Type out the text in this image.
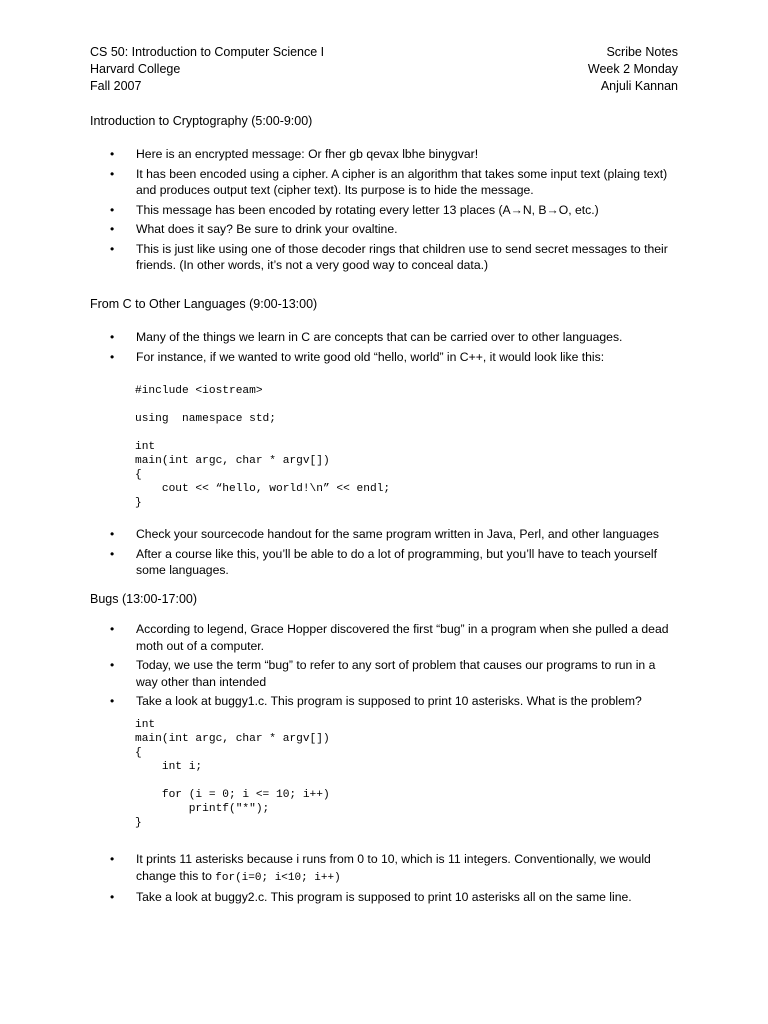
CS 50: Introduction to Computer Science I	Scribe Notes
Harvard College	Week 2 Monday
Fall 2007	Anjuli Kannan
Introduction to Cryptography (5:00-9:00)
• Here is an encrypted message: Or fher gb qevax lbhe binygvar!
• It has been encoded using a cipher. A cipher is an algorithm that takes some input text (plaing text) and produces output text (cipher text). Its purpose is to hide the message.
• This message has been encoded by rotating every letter 13 places (A→N, B→O, etc.)
• What does it say? Be sure to drink your ovaltine.
• This is just like using one of those decoder rings that children use to send secret messages to their friends. (In other words, it’s not a very good way to conceal data.)
From C to Other Languages (9:00-13:00)
• Many of the things we learn in C are concepts that can be carried over to other languages.
• For instance, if we wanted to write good old “hello, world” in C++, it would look like this:
#include <iostream>

using  namespace std;

int
main(int argc, char * argv[])
{
cout << “hello, world!\n” << endl;
}
• Check your sourcecode handout for the same program written in Java, Perl, and other languages
• After a course like this, you’ll be able to do a lot of programming, but you’ll have to teach yourself some languages.
Bugs (13:00-17:00)
• According to legend, Grace Hopper discovered the first “bug” in a program when she pulled a dead moth out of a computer.
• Today, we use the term “bug” to refer to any sort of problem that causes our programs to run in a way other than intended
• Take a look at buggy1.c. This program is supposed to print 10 asterisks. What is the problem?
int
main(int argc, char * argv[])
{
int i;

for (i = 0; i <= 10; i++)
printf("*");
}
• It prints 11 asterisks because i runs from 0 to 10, which is 11 integers. Conventionally, we would change this to for(i=0; i<10; i++)
• Take a look at buggy2.c. This program is supposed to print 10 asterisks all on the same line.
